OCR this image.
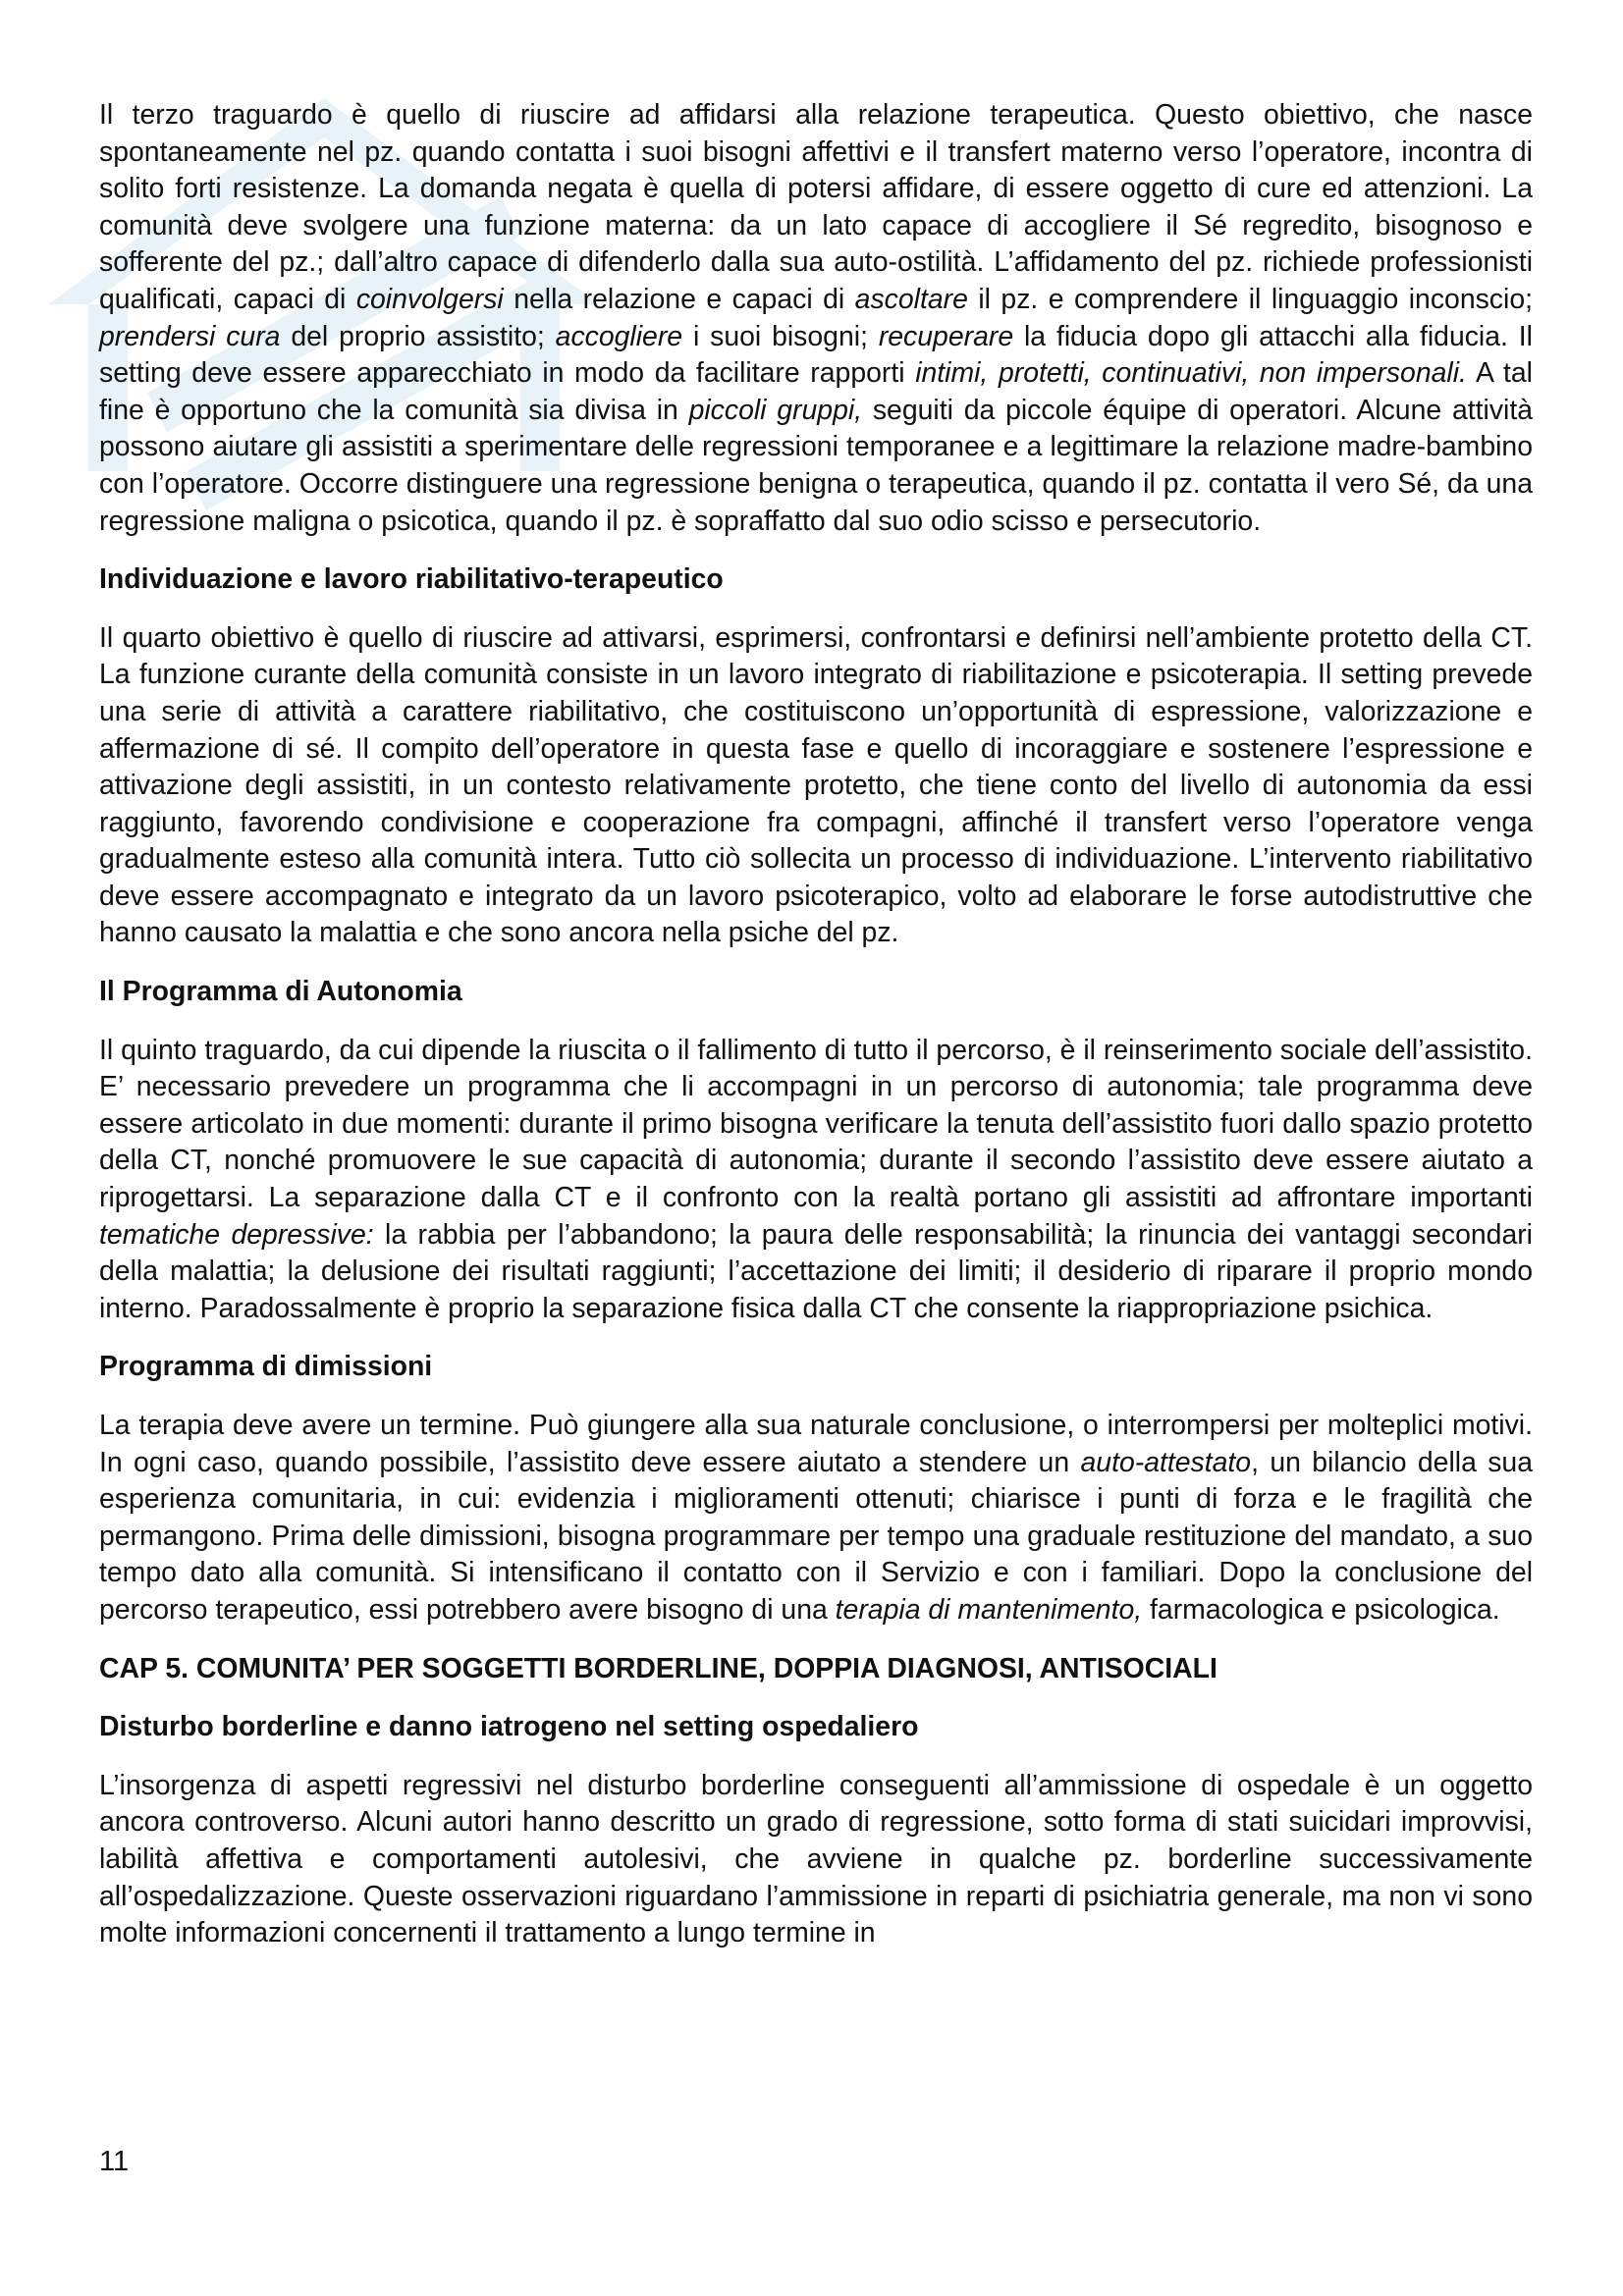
Il terzo traguardo è quello di riuscire ad affidarsi alla relazione terapeutica. Questo obiettivo, che nasce spontaneamente nel pz. quando contatta i suoi bisogni affettivi e il transfert materno verso l’operatore, incontra di solito forti resistenze. La domanda negata è quella di potersi affidare, di essere oggetto di cure ed attenzioni. La comunità deve svolgere una funzione materna: da un lato capace di accogliere il Sé regredito, bisognoso e sofferente del pz.; dall’altro capace di difenderlo dalla sua auto-ostilità. L’affidamento del pz. richiede professionisti qualificati, capaci di coinvolgersi nella relazione e capaci di ascoltare il pz. e comprendere il linguaggio inconscio; prendersi cura del proprio assistito; accogliere i suoi bisogni; recuperare la fiducia dopo gli attacchi alla fiducia. Il setting deve essere apparecchiato in modo da facilitare rapporti intimi, protetti, continuativi, non impersonali. A tal fine è opportuno che la comunità sia divisa in piccoli gruppi, seguiti da piccole équipe di operatori. Alcune attività possono aiutare gli assistiti a sperimentare delle regressioni temporanee e a legittimare la relazione madre-bambino con l’operatore. Occorre distinguere una regressione benigna o terapeutica, quando il pz. contatta il vero Sé, da una regressione maligna o psicotica, quando il pz. è sopraffatto dal suo odio scisso e persecutorio.

Individuazione e lavoro riabilitativo-terapeutico

Il quarto obiettivo è quello di riuscire ad attivarsi, esprimersi, confrontarsi e definirsi nell’ambiente protetto della CT. La funzione curante della comunità consiste in un lavoro integrato di riabilitazione e psicoterapia. Il setting prevede una serie di attività a carattere riabilitativo, che costituiscono un’opportunità di espressione, valorizzazione e affermazione di sé. Il compito dell’operatore in questa fase e quello di incoraggiare e sostenere l’espressione e attivazione degli assistiti, in un contesto relativamente protetto, che tiene conto del livello di autonomia da essi raggiunto, favorendo condivisione e cooperazione fra compagni, affinché il transfert verso l’operatore venga gradualmente esteso alla comunità intera. Tutto ciò sollecita un processo di individuazione. L’intervento riabilitativo deve essere accompagnato e integrato da un lavoro psicoterapico, volto ad elaborare le forse autodistruttive che hanno causato la malattia e che sono ancora nella psiche del pz.

Il Programma di Autonomia

Il quinto traguardo, da cui dipende la riuscita o il fallimento di tutto il percorso, è il reinserimento sociale dell’assistito. E’ necessario prevedere un programma che li accompagni in un percorso di autonomia; tale programma deve essere articolato in due momenti: durante il primo bisogna verificare la tenuta dell’assistito fuori dallo spazio protetto della CT, nonché promuovere le sue capacità di autonomia; durante il secondo l’assistito deve essere aiutato a riprogettarsi. La separazione dalla CT e il confronto con la realtà portano gli assistiti ad affrontare importanti tematiche depressive: la rabbia per l’abbandono; la paura delle responsabilità; la rinuncia dei vantaggi secondari della malattia; la delusione dei risultati raggiunti; l’accettazione dei limiti; il desiderio di riparare il proprio mondo interno. Paradossalmente è proprio la separazione fisica dalla CT che consente la riappropriazione psichica.

Programma di dimissioni

La terapia deve avere un termine. Può giungere alla sua naturale conclusione, o interrompersi per molteplici motivi. In ogni caso, quando possibile, l’assistito deve essere aiutato a stendere un auto-attestato, un bilancio della sua esperienza comunitaria, in cui: evidenzia i miglioramenti ottenuti; chiarisce i punti di forza e le fragilità che permangono. Prima delle dimissioni, bisogna programmare per tempo una graduale restituzione del mandato, a suo tempo dato alla comunità. Si intensificano il contatto con il Servizio e con i familiari. Dopo la conclusione del percorso terapeutico, essi potrebbero avere bisogno di una terapia di mantenimento, farmacologica e psicologica.

CAP 5. COMUNITA’ PER SOGGETTI BORDERLINE, DOPPIA DIAGNOSI, ANTISOCIALI
Disturbo borderline e danno iatrogeno nel setting ospedaliero

L’insorgenza di aspetti regressivi nel disturbo borderline conseguenti all’ammissione di ospedale è un oggetto ancora controverso. Alcuni autori hanno descritto un grado di regressione, sotto forma di stati suicidari improvvisi, labilità affettiva e comportamenti autolesivi, che avviene in qualche pz. borderline successivamente all’ospedalizzazione. Queste osservazioni riguardano l’ammissione in reparti di psichiatria generale, ma non vi sono molte informazioni concernenti il trattamento a lungo termine in

11
